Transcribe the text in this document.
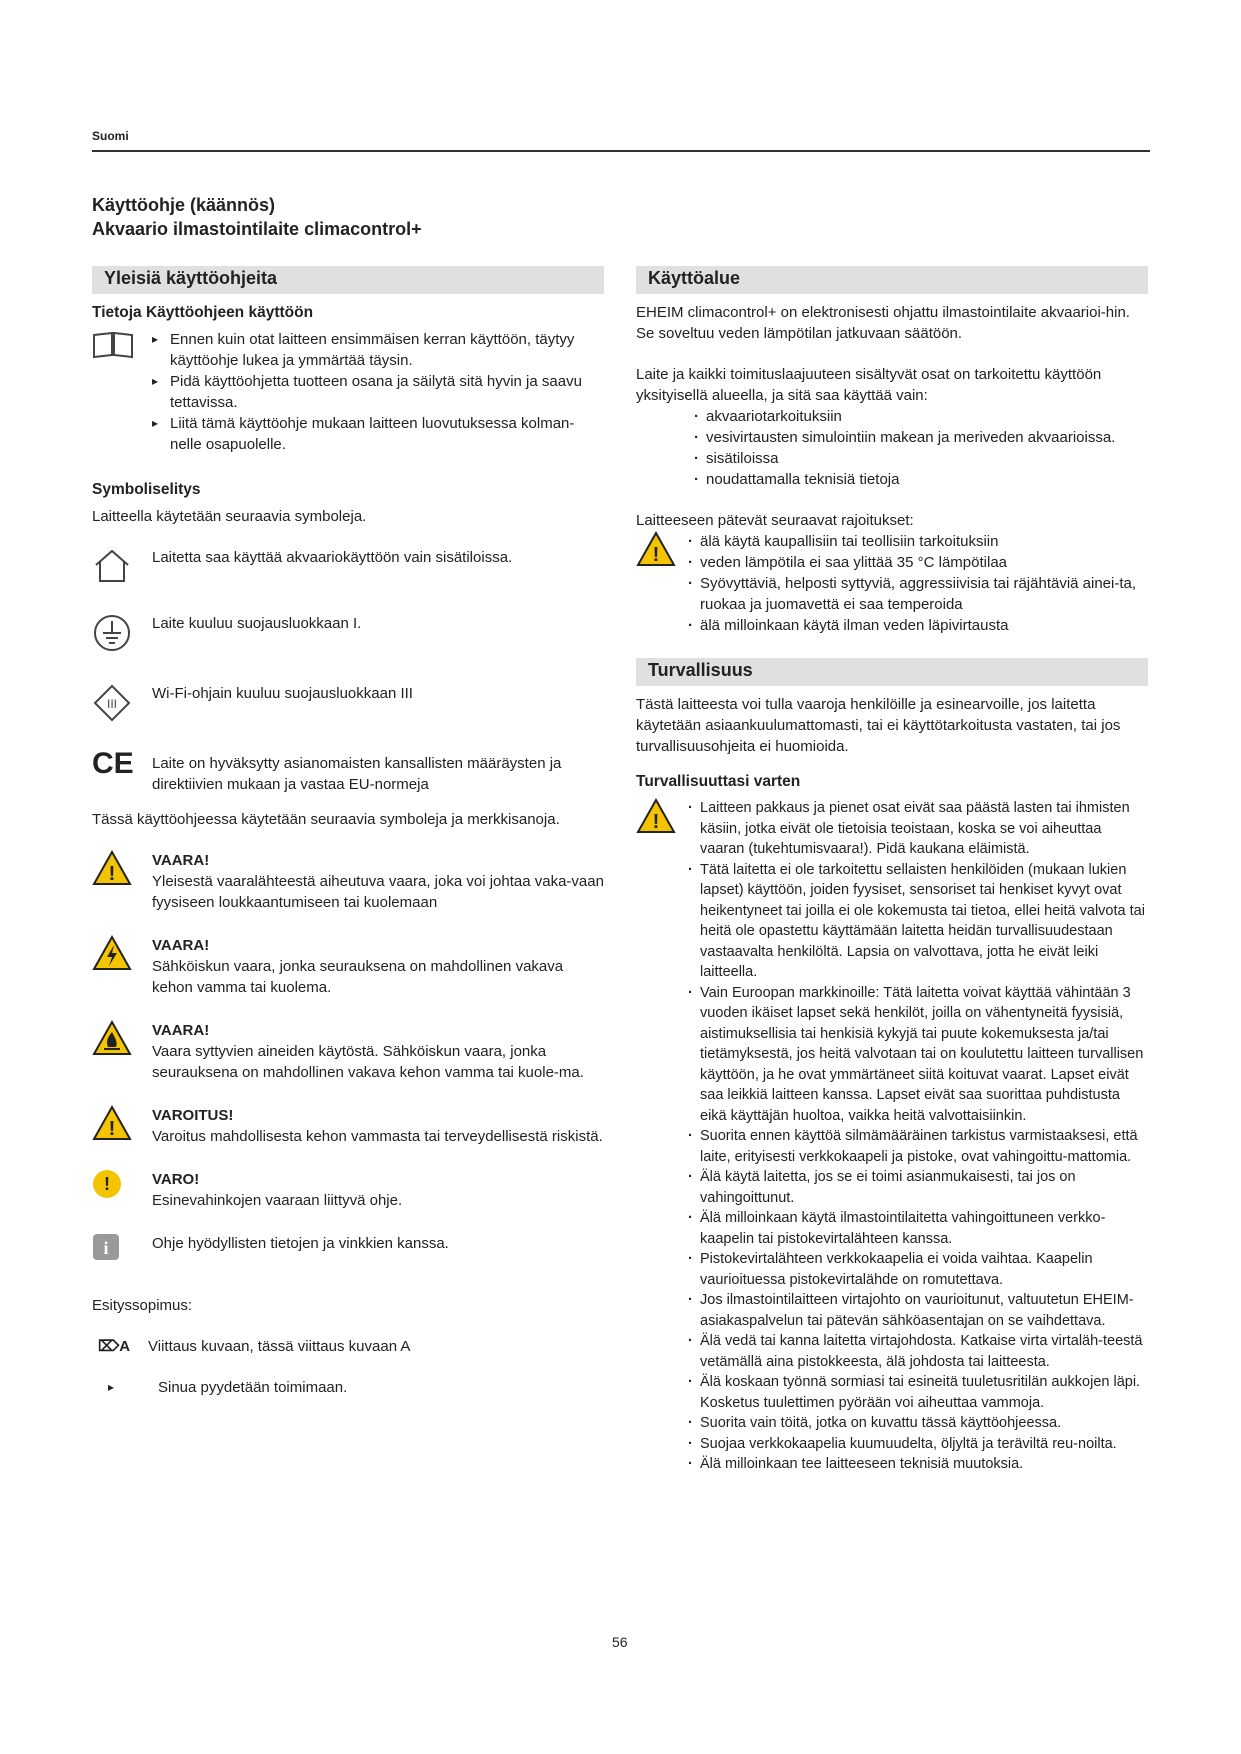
Suomi
Käyttöohje (käännös)
Akvaario ilmastointilaite climacontrol+
Yleisiä käyttöohjeita
Tietoja Käyttöohjeen käyttöön
▸ Ennen kuin otat laitteen ensimmäisen kerran käyttöön, täytyy käyttöohje lukea ja ymmärtää täysin.
▸ Pidä käyttöohjetta tuotteen osana ja säilytä sitä hyvin ja saavu tettavissa.
▸ Liitä tämä käyttöohje mukaan laitteen luovutuksessa kolman-nelle osapuolelle.
Symboliselitys

Laitteella käytetään seuraavia symboleja.

Laitetta saa käyttää akvaariokäyttöön vain sisätiloissa.

Laite kuuluu suojausluokkaan I.

III

Wi-Fi-ohjain kuuluu suojausluokkaan III

CE	Laite on hyväksytty asianomaisten kansallisten määräysten ja direktiivien mukaan ja vastaa EU-normeja

Tässä käyttöohjeessa käytetään seuraavia symboleja ja merkkisanoja.

!
VAARA!

Yleisestä vaaralähteestä aiheutuva vaara, joka voi johtaa vaka-vaan fyysiseen loukkaantumiseen tai kuolemaan

VAARA!

Sähköiskun vaara, jonka seurauksena on mahdollinen vakava kehon vamma tai kuolema.

VAARA!

Vaara syttyvien aineiden käytöstä. Sähköiskun vaara, jonka seurauksena on mahdollinen vakava kehon vamma tai kuole-ma.

!
VAROITUS!

Varoitus mahdollisesta kehon vammasta tai terveydellisestä riskistä.

!	VARO!

Esinevahinkojen vaaraan liittyvä ohje.

i	Ohje hyödyllisten tietojen ja vinkkien kanssa.

Esityssopimus:

⌦A	Viittaus kuvaan, tässä viittaus kuvaan A

▸	Sinua pyydetään toimimaan.

Käyttöalue

EHEIM climacontrol+ on elektronisesti ohjattu ilmastointilaite akvaarioi-hin. Se soveltuu veden lämpötilan jatkuvaan säätöön.

Laite ja kaikki toimituslaajuuteen sisältyvät osat on tarkoitettu käyttöön yksityisellä alueella, ja sitä saa käyttää vain:

· akvaariotarkoituksiin
· vesivirtausten simulointiin makean ja meriveden akvaarioissa.
· sisätiloissa
· noudattamalla teknisiä tietoja

Laitteeseen pätevät seuraavat rajoitukset:

!
· älä käytä kaupallisiin tai teollisiin tarkoituksiin
· veden lämpötila ei saa ylittää 35 °C lämpötilaa
· Syövyttäviä, helposti syttyviä, aggressiivisia tai räjähtäviä ainei-ta, ruokaa ja juomavettä ei saa temperoida
· älä milloinkaan käytä ilman veden läpivirtausta
Turvallisuus

Tästä laitteesta voi tulla vaaroja henkilöille ja esinearvoille, jos laitetta käytetään asiaankuulumattomasti, tai ei käyttötarkoitusta vastaten, tai jos turvallisuusohjeita ei huomioida.

Turvallisuuttasi varten
!
· Laitteen pakkaus ja pienet osat eivät saa päästä lasten tai ihmisten käsiin, jotka eivät ole tietoisia teoistaan, koska se voi aiheuttaa vaaran (tukehtumisvaara!). Pidä kaukana eläimistä.
· Tätä laitetta ei ole tarkoitettu sellaisten henkilöiden (mukaan lukien lapset) käyttöön, joiden fyysiset, sensoriset tai henkiset kyvyt ovat heikentyneet tai joilla ei ole kokemusta tai tietoa, ellei heitä valvota tai heitä ole opastettu käyttämään laitetta heidän turvallisuudestaan vastaavalta henkilöltä. Lapsia on valvottava, jotta he eivät leiki laitteella.
· Vain Euroopan markkinoille: Tätä laitetta voivat käyttää vähintään 3 vuoden ikäiset lapset sekä henkilöt, joilla on vähentyneitä fyysisiä, aistimuksellisia tai henkisiä kykyjä tai puute kokemuksesta ja/tai tietämyksestä, jos heitä valvotaan tai on koulutettu laitteen turvallisen käyttöön, ja he ovat ymmärtäneet siitä koituvat vaarat. Lapset eivät saa leikkiä laitteen kanssa. Lapset eivät saa suorittaa puhdistusta eikä käyttäjän huoltoa, vaikka heitä valvottaisiinkin.
· Suorita ennen käyttöä silmämääräinen tarkistus varmistaaksesi, että laite, erityisesti verkkokaapeli ja pistoke, ovat vahingoittu-mattomia.
· Älä käytä laitetta, jos se ei toimi asianmukaisesti, tai jos on vahingoittunut.
· Älä milloinkaan käytä ilmastointilaitetta vahingoittuneen verkko-kaapelin tai pistokevirtalähteen kanssa.
· Pistokevirtalähteen verkkokaapelia ei voida vaihtaa. Kaapelin vaurioituessa pistokevirtalähde on romutettava.
· Jos ilmastointilaitteen virtajohto on vaurioitunut, valtuutetun EHEIM-asiakaspalvelun tai pätevän sähköasentajan on se vaihdettava.
· Älä vedä tai kanna laitetta virtajohdosta. Katkaise virta virtaläh-teestä vetämällä aina pistokkeesta, älä johdosta tai laitteesta.
· Älä koskaan työnnä sormiasi tai esineitä tuuletusritilän aukkojen läpi. Kosketus tuulettimen pyörään voi aiheuttaa vammoja.
· Suorita vain töitä, jotka on kuvattu tässä käyttöohjeessa.
· Suojaa verkkokaapelia kuumuudelta, öljyltä ja teräviltä reu-noilta.
· Älä milloinkaan tee laitteeseen teknisiä muutoksia.
56
